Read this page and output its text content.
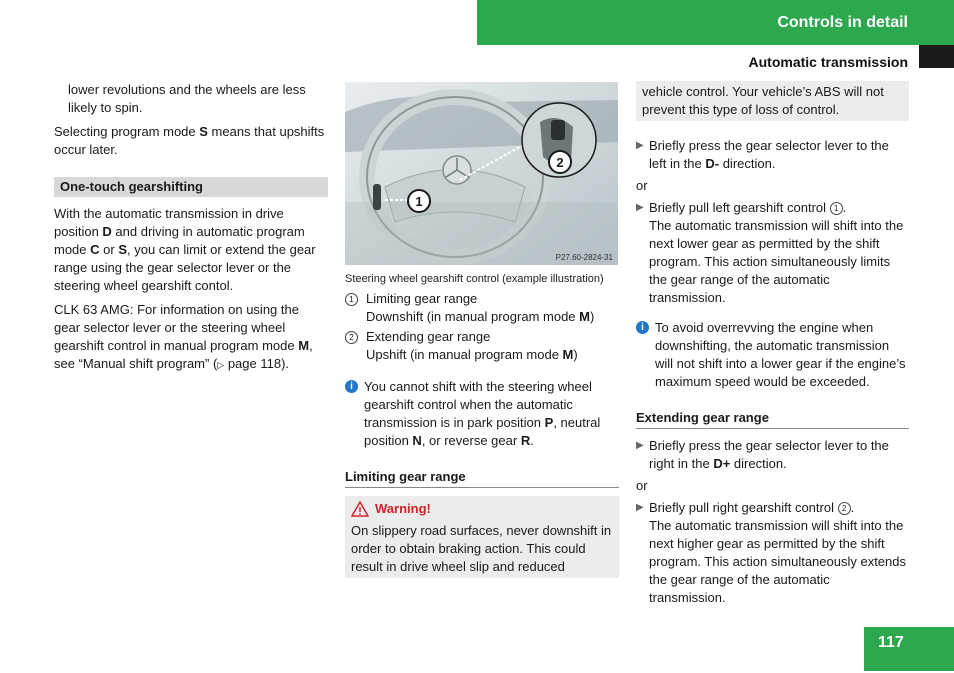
Controls in detail
Automatic transmission

lower revolutions and the wheels are less likely to spin.

Selecting program mode S means that upshifts occur later.

One-touch gearshifting

With the automatic transmission in drive position D and driving in automatic program mode C or S, you can limit or extend the gear range using the gear selector lever or the steering wheel gearshift contol.

CLK 63 AMG: For information on using the gear selector lever or the steering wheel gearshift control in manual program mode M, see “Manual shift program” (▷ page 118).

1
2
P27.60-2824-31
Steering wheel gearshift control (example illustration)
1 Limiting gear range
Downshift (in manual program mode M)
2 Extending gear range
Upshift (in manual program mode M)
i You cannot shift with the steering wheel gearshift control when the automatic transmission is in park position P, neutral position N, or reverse gear R.
Limiting gear range
Warning!
On slippery road surfaces, never downshift in order to obtain braking action. This could result in drive wheel slip and reduced
vehicle control. Your vehicle’s ABS will not prevent this type of loss of control.
▶ Briefly press the gear selector lever to the left in the D- direction.
or
▶ Briefly pull left gearshift control 1 .
The automatic transmission will shift into the next lower gear as permitted by the shift program. This action simultaneously limits the gear range of the automatic transmission.
i To avoid overrevving the engine when downshifting, the automatic transmission will not shift into a lower gear if the engine’s maximum speed would be exceeded.
Extending gear range
▶ Briefly press the gear selector lever to the right in the D+ direction.
or
▶ Briefly pull right gearshift control 2 .
The automatic transmission will shift into the next higher gear as permitted by the shift program. This action simultaneously extends the gear range of the automatic transmission.
117
